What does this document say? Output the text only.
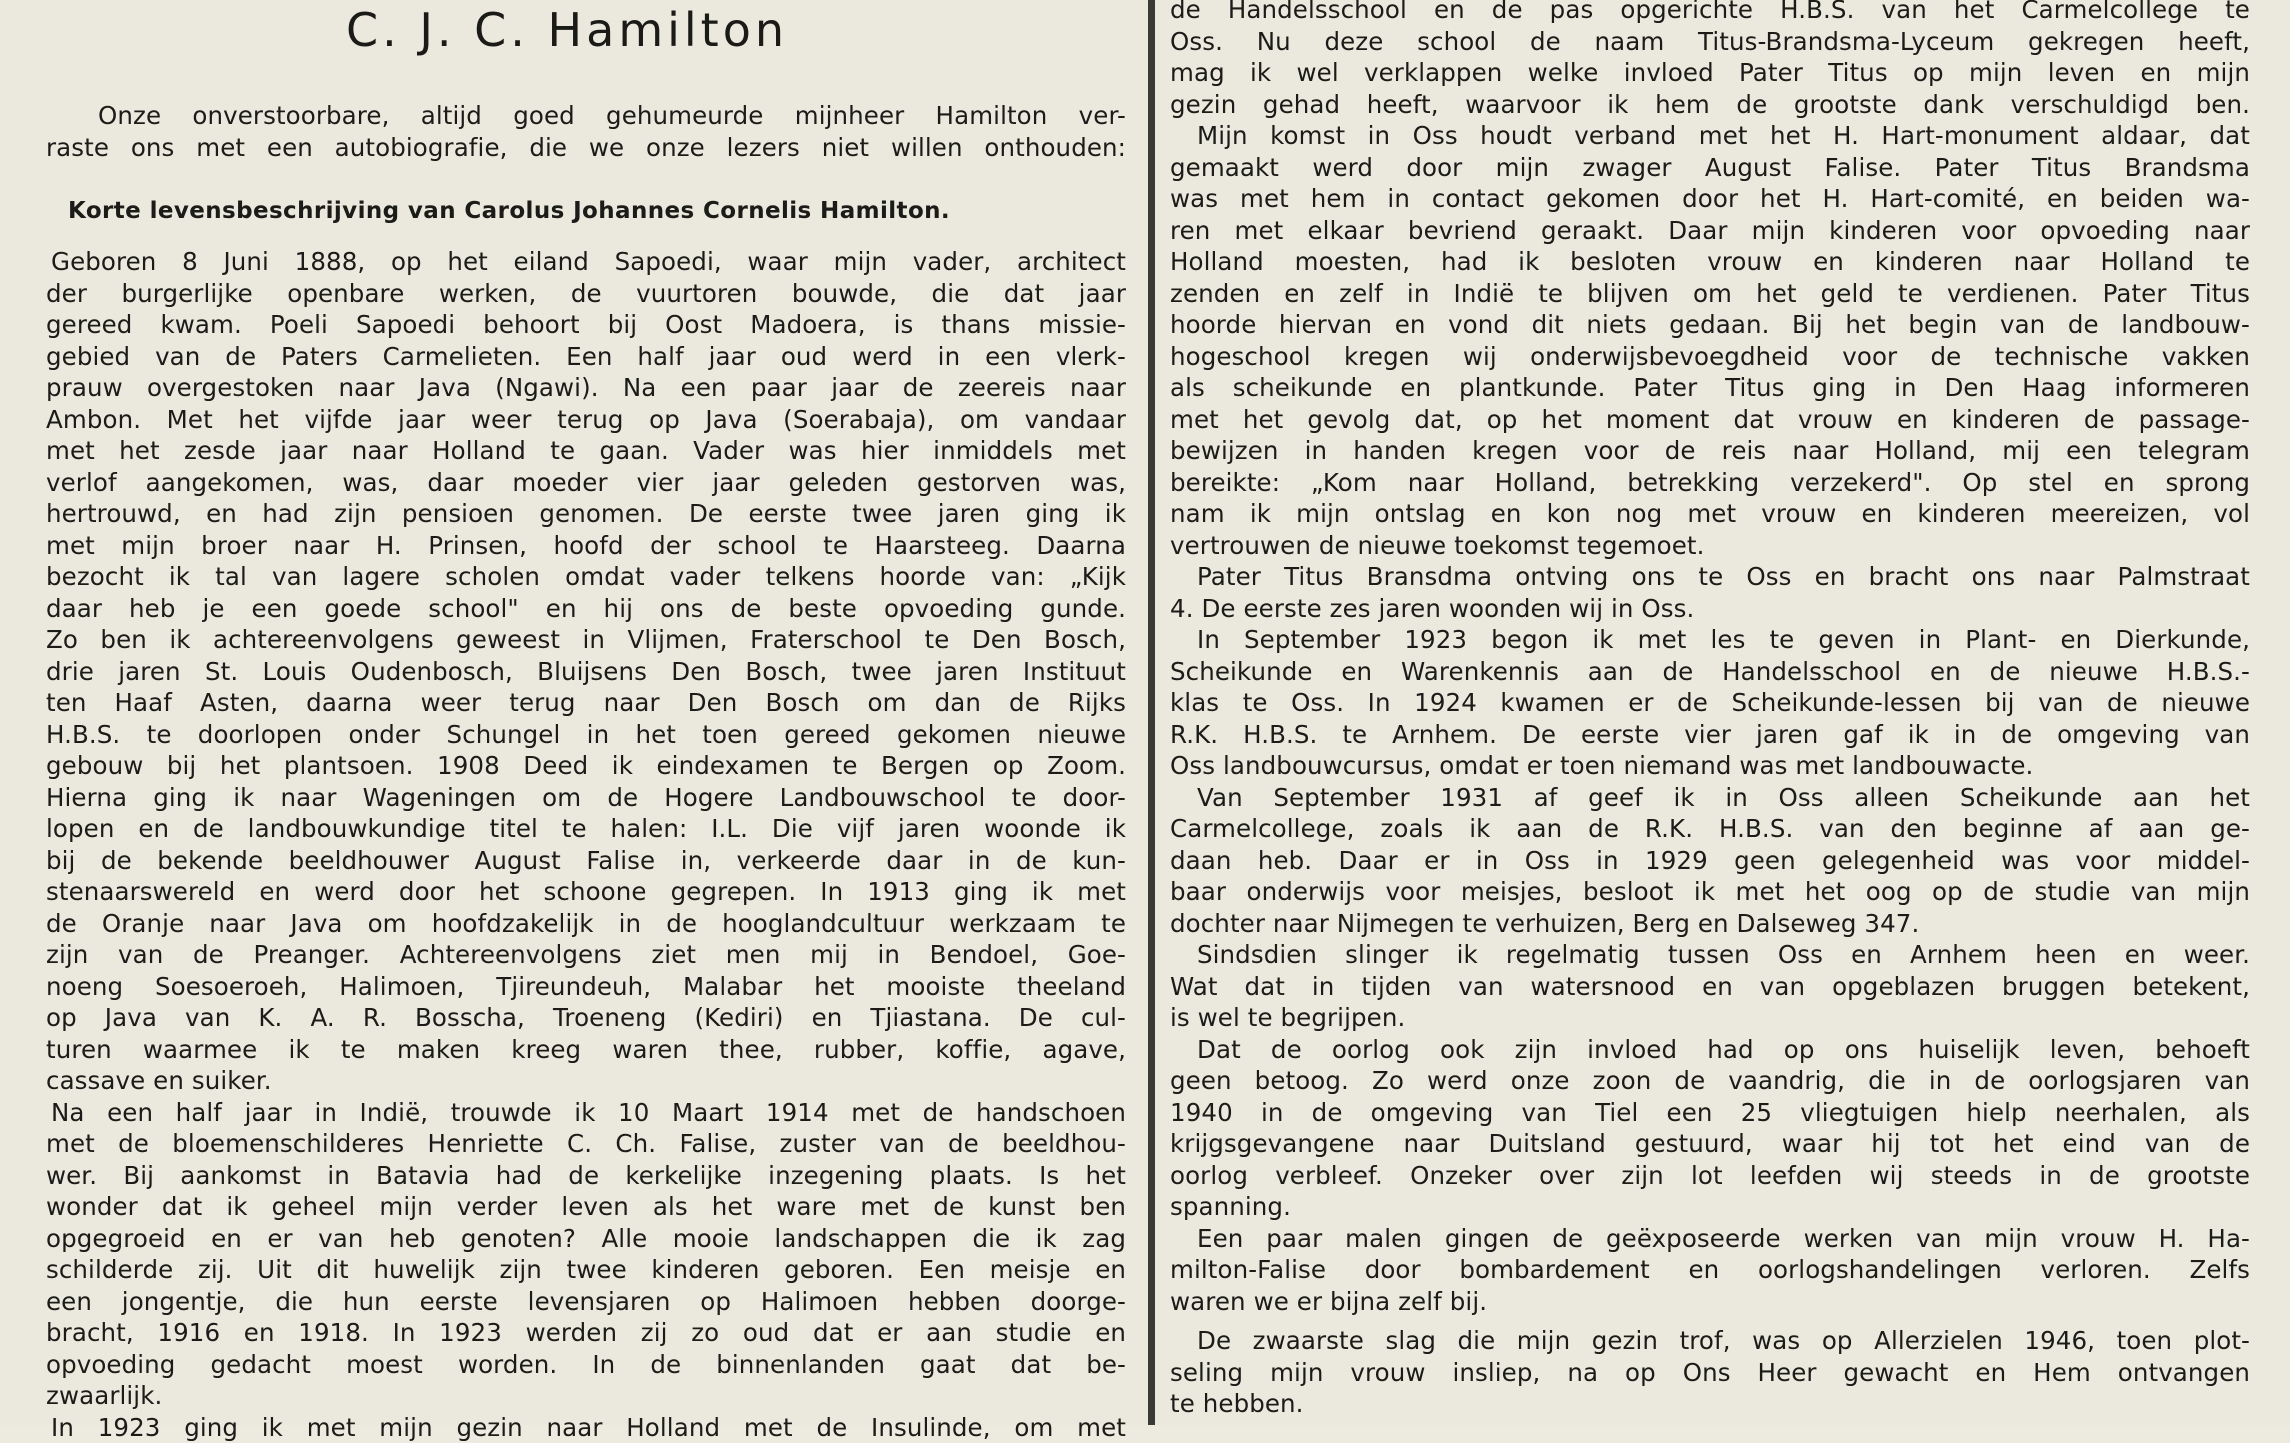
C. J. C. Hamilton
Onze onverstoorbare, altijd goed gehumeurde mijnheer Hamilton ver-
raste ons met een autobiografie, die we onze lezers niet willen onthouden:
Korte levensbeschrijving van Carolus Johannes Cornelis Hamilton.
Geboren 8 Juni 1888, op het eiland Sapoedi, waar mijn vader, architect
der burgerlijke openbare werken, de vuurtoren bouwde, die dat jaar
gereed kwam. Poeli Sapoedi behoort bij Oost Madoera, is thans missie-
gebied van de Paters Carmelieten. Een half jaar oud werd in een vlerk-
prauw overgestoken naar Java (Ngawi). Na een paar jaar de zeereis naar
Ambon. Met het vijfde jaar weer terug op Java (Soerabaja), om vandaar
met het zesde jaar naar Holland te gaan. Vader was hier inmiddels met
verlof aangekomen, was, daar moeder vier jaar geleden gestorven was,
hertrouwd, en had zijn pensioen genomen. De eerste twee jaren ging ik
met mijn broer naar H. Prinsen, hoofd der school te Haarsteeg. Daarna
bezocht ik tal van lagere scholen omdat vader telkens hoorde van: „Kijk
daar heb je een goede school" en hij ons de beste opvoeding gunde.
Zo ben ik achtereenvolgens geweest in Vlijmen, Fraterschool te Den Bosch,
drie jaren St. Louis Oudenbosch, Bluijsens Den Bosch, twee jaren Instituut
ten Haaf Asten, daarna weer terug naar Den Bosch om dan de Rijks
H.B.S. te doorlopen onder Schungel in het toen gereed gekomen nieuwe
gebouw bij het plantsoen. 1908 Deed ik eindexamen te Bergen op Zoom.
Hierna ging ik naar Wageningen om de Hogere Landbouwschool te door-
lopen en de landbouwkundige titel te halen: I.L. Die vijf jaren woonde ik
bij de bekende beeldhouwer August Falise in, verkeerde daar in de kun-
stenaarswereld en werd door het schoone gegrepen. In 1913 ging ik met
de Oranje naar Java om hoofdzakelijk in de hooglandcultuur werkzaam te
zijn van de Preanger. Achtereenvolgens ziet men mij in Bendoel, Goe-
noeng Soesoeroeh, Halimoen, Tjireundeuh, Malabar het mooiste theeland
op Java van K. A. R. Bosscha, Troeneng (Kediri) en Tjiastana. De cul-
turen waarmee ik te maken kreeg waren thee, rubber, koffie, agave,
cassave en suiker.
Na een half jaar in Indië, trouwde ik 10 Maart 1914 met de handschoen
met de bloemenschilderes Henriette C. Ch. Falise, zuster van de beeldhou-
wer. Bij aankomst in Batavia had de kerkelijke inzegening plaats. Is het
wonder dat ik geheel mijn verder leven als het ware met de kunst ben
opgegroeid en er van heb genoten? Alle mooie landschappen die ik zag
schilderde zij. Uit dit huwelijk zijn twee kinderen geboren. Een meisje en
een jongentje, die hun eerste levensjaren op Halimoen hebben doorge-
bracht, 1916 en 1918. In 1923 werden zij zo oud dat er aan studie en
opvoeding gedacht moest worden. In de binnenlanden gaat dat be-
zwaarlijk.
In 1923 ging ik met mijn gezin naar Holland met de Insulinde, om met
de Handelsschool en de pas opgerichte H.B.S. van het Carmelcollege te
Oss. Nu deze school de naam Titus-Brandsma-Lyceum gekregen heeft,
mag ik wel verklappen welke invloed Pater Titus op mijn leven en mijn
gezin gehad heeft, waarvoor ik hem de grootste dank verschuldigd ben.
Mijn komst in Oss houdt verband met het H. Hart-monument aldaar, dat
gemaakt werd door mijn zwager August Falise. Pater Titus Brandsma
was met hem in contact gekomen door het H. Hart-comité, en beiden wa-
ren met elkaar bevriend geraakt. Daar mijn kinderen voor opvoeding naar
Holland moesten, had ik besloten vrouw en kinderen naar Holland te
zenden en zelf in Indië te blijven om het geld te verdienen. Pater Titus
hoorde hiervan en vond dit niets gedaan. Bij het begin van de landbouw-
hogeschool kregen wij onderwijsbevoegdheid voor de technische vakken
als scheikunde en plantkunde. Pater Titus ging in Den Haag informeren
met het gevolg dat, op het moment dat vrouw en kinderen de passage-
bewijzen in handen kregen voor de reis naar Holland, mij een telegram
bereikte: „Kom naar Holland, betrekking verzekerd". Op stel en sprong
nam ik mijn ontslag en kon nog met vrouw en kinderen meereizen, vol
vertrouwen de nieuwe toekomst tegemoet.
Pater Titus Bransdma ontving ons te Oss en bracht ons naar Palmstraat
4. De eerste zes jaren woonden wij in Oss.
In September 1923 begon ik met les te geven in Plant- en Dierkunde,
Scheikunde en Warenkennis aan de Handelsschool en de nieuwe H.B.S.-
klas te Oss. In 1924 kwamen er de Scheikunde-lessen bij van de nieuwe
R.K. H.B.S. te Arnhem. De eerste vier jaren gaf ik in de omgeving van
Oss landbouwcursus, omdat er toen niemand was met landbouwacte.
Van September 1931 af geef ik in Oss alleen Scheikunde aan het
Carmelcollege, zoals ik aan de R.K. H.B.S. van den beginne af aan ge-
daan heb. Daar er in Oss in 1929 geen gelegenheid was voor middel-
baar onderwijs voor meisjes, besloot ik met het oog op de studie van mijn
dochter naar Nijmegen te verhuizen, Berg en Dalseweg 347.
Sindsdien slinger ik regelmatig tussen Oss en Arnhem heen en weer.
Wat dat in tijden van watersnood en van opgeblazen bruggen betekent,
is wel te begrijpen.
Dat de oorlog ook zijn invloed had op ons huiselijk leven, behoeft
geen betoog. Zo werd onze zoon de vaandrig, die in de oorlogsjaren van
1940 in de omgeving van Tiel een 25 vliegtuigen hielp neerhalen, als
krijgsgevangene naar Duitsland gestuurd, waar hij tot het eind van de
oorlog verbleef. Onzeker over zijn lot leefden wij steeds in de grootste
spanning.
Een paar malen gingen de geëxposeerde werken van mijn vrouw H. Ha-
milton-Falise door bombardement en oorlogshandelingen verloren. Zelfs
waren we er bijna zelf bij.
De zwaarste slag die mijn gezin trof, was op Allerzielen 1946, toen plot-
seling mijn vrouw insliep, na op Ons Heer gewacht en Hem ontvangen
te hebben.
